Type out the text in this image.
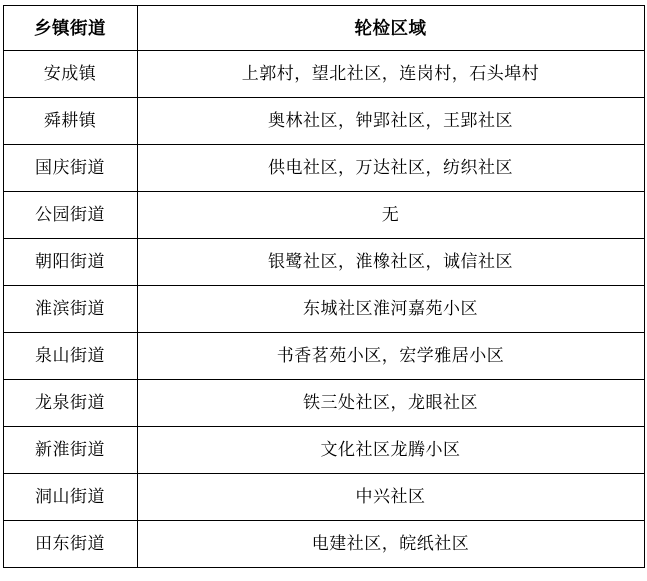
乡镇街道	轮检区域
安成镇	上郭村，望北社区，连岗村，石头埠村
舜耕镇	奥林社区，钟郢社区，王郢社区
国庆街道	供电社区，万达社区，纺织社区
公园街道	无
朝阳街道	银鹭社区，淮橡社区，诚信社区
淮滨街道	东城社区淮河嘉苑小区
泉山街道	书香茗苑小区，宏学雅居小区
龙泉街道	铁三处社区，龙眼社区
新淮街道	文化社区龙腾小区
洞山街道	中兴社区
田东街道	电建社区，皖纸社区
